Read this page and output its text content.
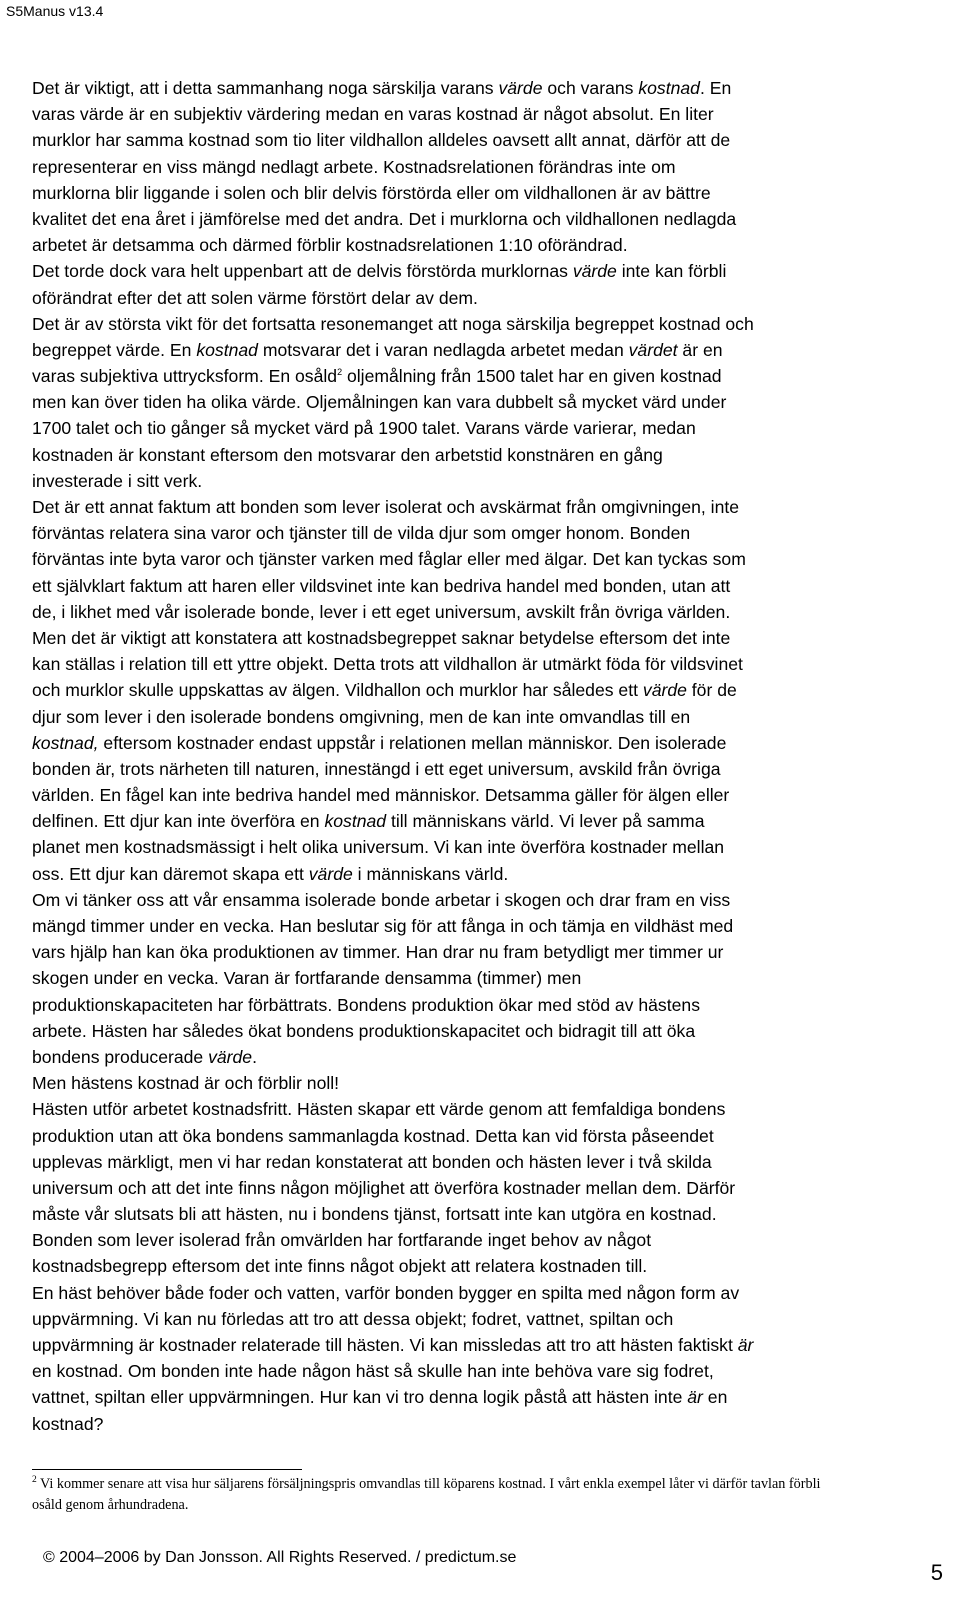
S5Manus v13.4
Det är viktigt, att i detta sammanhang noga särskilja varans värde och varans kostnad. En
varas värde är en subjektiv värdering medan en varas kostnad är något absolut. En liter
murklor har samma kostnad som tio liter vildhallon alldeles oavsett allt annat, därför att de
representerar en viss mängd nedlagt arbete. Kostnadsrelationen förändras inte om
murklorna blir liggande i solen och blir delvis förstörda eller om vildhallonen är av bättre
kvalitet det ena året i jämförelse med det andra. Det i murklorna och vildhallonen nedlagda
arbetet är detsamma och därmed förblir kostnadsrelationen 1:10 oförändrad.
Det torde dock vara helt uppenbart att de delvis förstörda murklornas värde inte kan förbli
oförändrat efter det att solen värme förstört delar av dem.
Det är av största vikt för det fortsatta resonemanget att noga särskilja begreppet kostnad och
begreppet värde. En kostnad motsvarar det i varan nedlagda arbetet medan värdet är en
varas subjektiva uttrycksform. En osåld$^2$ oljemålning från 1500 talet har en given kostnad
men kan över tiden ha olika värde. Oljemålningen kan vara dubbelt så mycket värd under
1700 talet och tio gånger så mycket värd på 1900 talet. Varans värde varierar, medan
kostnaden är konstant eftersom den motsvarar den arbetstid konstnären en gång
investerade i sitt verk.
Det är ett annat faktum att bonden som lever isolerat och avskärmat från omgivningen, inte
förväntas relatera sina varor och tjänster till de vilda djur som omger honom. Bonden
förväntas inte byta varor och tjänster varken med fåglar eller med älgar. Det kan tyckas som
ett självklart faktum att haren eller vildsvinet inte kan bedriva handel med bonden, utan att
de, i likhet med vår isolerade bonde, lever i ett eget universum, avskilt från övriga världen.
Men det är viktigt att konstatera att kostnadsbegreppet saknar betydelse eftersom det inte
kan ställas i relation till ett yttre objekt. Detta trots att vildhallon är utmärkt föda för vildsvinet
och murklor skulle uppskattas av älgen. Vildhallon och murklor har således ett värde för de
djur som lever i den isolerade bondens omgivning, men de kan inte omvandlas till en
kostnad, eftersom kostnader endast uppstår i relationen mellan människor. Den isolerade
bonden är, trots närheten till naturen, innestängd i ett eget universum, avskild från övriga
världen. En fågel kan inte bedriva handel med människor. Detsamma gäller för älgen eller
delfinen. Ett djur kan inte överföra en kostnad till människans värld. Vi lever på samma
planet men kostnadsmässigt i helt olika universum. Vi kan inte överföra kostnader mellan
oss. Ett djur kan däremot skapa ett värde i människans värld.
Om vi tänker oss att vår ensamma isolerade bonde arbetar i skogen och drar fram en viss
mängd timmer under en vecka. Han beslutar sig för att fånga in och tämja en vildhäst med
vars hjälp han kan öka produktionen av timmer. Han drar nu fram betydligt mer timmer ur
skogen under en vecka. Varan är fortfarande densamma (timmer) men
produktionskapaciteten har förbättrats. Bondens produktion ökar med stöd av hästens
arbete. Hästen har således ökat bondens produktionskapacitet och bidragit till att öka
bondens producerade värde.
Men hästens kostnad är och förblir noll!
Hästen utför arbetet kostnadsfritt. Hästen skapar ett värde genom att femfaldiga bondens
produktion utan att öka bondens sammanlagda kostnad. Detta kan vid första påseendet
upplevas märkligt, men vi har redan konstaterat att bonden och hästen lever i två skilda
universum och att det inte finns någon möjlighet att överföra kostnader mellan dem. Därför
måste vår slutsats bli att hästen, nu i bondens tjänst, fortsatt inte kan utgöra en kostnad.
Bonden som lever isolerad från omvärlden har fortfarande inget behov av något
kostnadsbegrepp eftersom det inte finns något objekt att relatera kostnaden till.
En häst behöver både foder och vatten, varför bonden bygger en spilta med någon form av
uppvärmning. Vi kan nu förledas att tro att dessa objekt; fodret, vattnet, spiltan och
uppvärmning är kostnader relaterade till hästen. Vi kan missledas att tro att hästen faktiskt är
en kostnad. Om bonden inte hade någon häst så skulle han inte behöva vare sig fodret,
vattnet, spiltan eller uppvärmningen. Hur kan vi tro denna logik påstå att hästen inte är en
kostnad?
$^2$ Vi kommer senare att visa hur säljarens försäljningspris omvandlas till köparens kostnad. I vårt enkla exempel låter vi därför tavlan förbli
osåld genom århundradena.
© 2004–2006 by Dan Jonsson. All Rights Reserved. / predictum.se
5
